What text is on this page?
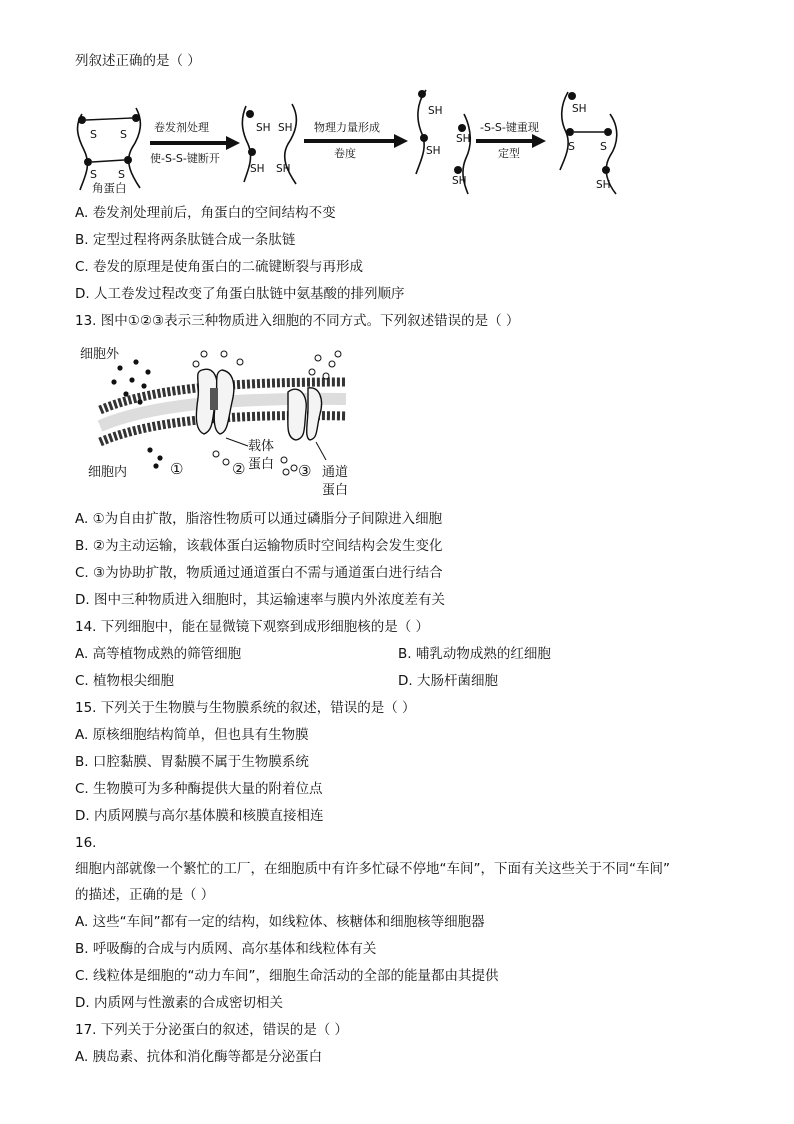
列叙述正确的是（ ）
S S
S S
角蛋白
卷发剂处理
使-S-S-键断开
SH SH
SH SH
物理力量形成
卷度
SH
SH
SH
SH
-S-S-键重现
定型
SH
S S
SH
A. 卷发剂处理前后，角蛋白的空间结构不变
B. 定型过程将两条肽链合成一条肽链
C. 卷发的原理是使角蛋白的二硫键断裂与再形成
D. 人工卷发过程改变了角蛋白肽链中氨基酸的排列顺序
13. 图中①②③表示三种物质进入细胞的不同方式。下列叙述错误的是（ ）
细胞外
细胞内	①	②
载体
蛋白 ③ 通道
蛋白
A. ①为自由扩散，脂溶性物质可以通过磷脂分子间隙进入细胞
B. ②为主动运输，该载体蛋白运输物质时空间结构会发生变化
C. ③为协助扩散，物质通过通道蛋白不需与通道蛋白进行结合
D. 图中三种物质进入细胞时，其运输速率与膜内外浓度差有关
14. 下列细胞中，能在显微镜下观察到成形细胞核的是（ ）
A. 高等植物成熟的筛管细胞	B. 哺乳动物成熟的红细胞
C. 植物根尖细胞	D. 大肠杆菌细胞
15. 下列关于生物膜与生物膜系统的叙述，错误的是（ ）
A. 原核细胞结构简单，但也具有生物膜
B. 口腔黏膜、胃黏膜不属于生物膜系统
C. 生物膜可为多种酶提供大量的附着位点
D. 内质网膜与高尔基体膜和核膜直接相连
16.
细胞内部就像一个繁忙的工厂，在细胞质中有许多忙碌不停地“车间”，下面有关这些关于不同“车间”
的描述，正确的是（ ）
A. 这些“车间”都有一定的结构，如线粒体、核糖体和细胞核等细胞器
B. 呼吸酶的合成与内质网、高尔基体和线粒体有关
C. 线粒体是细胞的“动力车间”，细胞生命活动的全部的能量都由其提供
D. 内质网与性激素的合成密切相关
17. 下列关于分泌蛋白的叙述，错误的是（ ）
A. 胰岛素、抗体和消化酶等都是分泌蛋白
